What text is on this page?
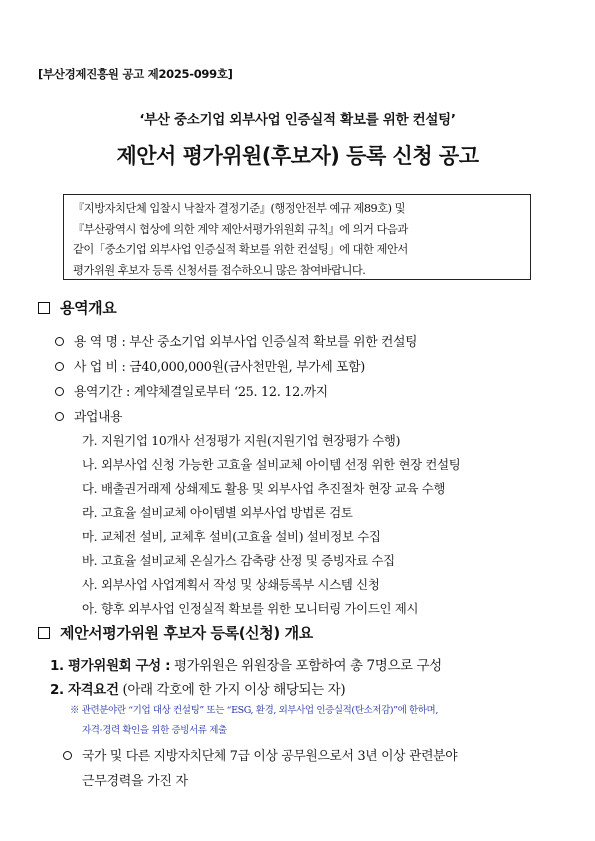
[부산경제진흥원 공고 제2025-099호]
‘부산 중소기업 외부사업 인증실적 확보를 위한 컨설팅’
제안서 평가위원(후보자) 등록 신청 공고
『지방자치단체 입찰시 낙찰자 결정기준』(행정안전부 예규 제89호) 및
『부산광역시 협상에 의한 계약 제안서평가위원회 규칙』에 의거 다음과
같이「중소기업 외부사업 인증실적 확보를 위한 컨설팅」에 대한 제안서
평가위원 후보자 등록 신청서를 접수하오니 많은 참여바랍니다.
용역개요
용 역 명 : 부산 중소기업 외부사업 인증실적 확보를 위한 컨설팅
사 업 비 : 금40,000,000원(금사천만원, 부가세 포함)
용역기간 : 계약체결일로부터 ‘25. 12. 12.까지
과업내용
가. 지원기업 10개사 선정평가 지원(지원기업 현장평가 수행)
나. 외부사업 신청 가능한 고효율 설비교체 아이템 선정 위한 현장 컨설팅
다. 배출권거래제 상쇄제도 활용 및 외부사업 추진절차 현장 교육 수행
라. 고효율 설비교체 아이템별 외부사업 방법론 검토
마. 교체전 설비, 교체후 설비(고효율 설비) 설비정보 수집
바. 고효율 설비교체 온실가스 감축량 산정 및 증빙자료 수집
사. 외부사업 사업계획서 작성 및 상쇄등록부 시스템 신청
아. 향후 외부사업 인정실적 확보를 위한 모니터링 가이드인 제시
제안서평가위원 후보자 등록(신청) 개요
1. 평가위원회 구성 : 평가위원은 위원장을 포함하여 총 7명으로 구성
2. 자격요건 (아래 각호에 한 가지 이상 해당되는 자)
※ 관련분야란 “기업 대상 컨설팅” 또는 “ESG, 환경, 외부사업 인증실적(탄소저감)”에 한하며,
자격·경력 확인을 위한 증빙서류 제출
국가 및 다른 지방자치단체 7급 이상 공무원으로서 3년 이상 관련분야
근무경력을 가진 자
